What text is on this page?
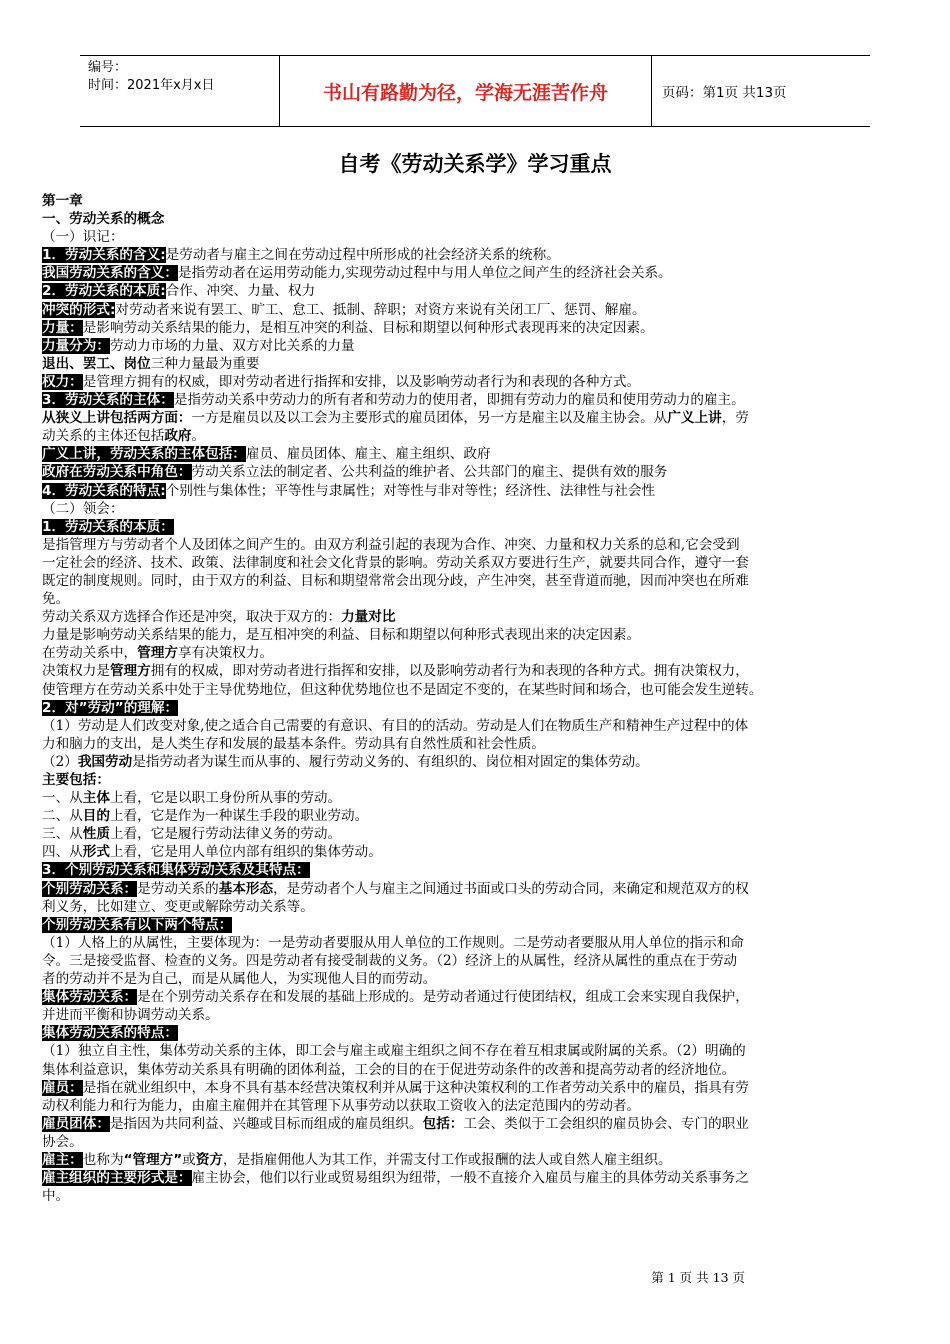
编号：
时间：2021年x月x日	书山有路勤为径，学海无涯苦作舟	页码：第1页 共13页
自考《劳动关系学》学习重点

第一章

一、劳动关系的概念

（一）识记：

1．劳动关系的含义:是劳动者与雇主之间在劳动过程中所形成的社会经济关系的统称。

我国劳动关系的含义：是指劳动者在运用劳动能力,实现劳动过程中与用人单位之间产生的经济社会关系。

2．劳动关系的本质:合作、冲突、力量、权力

冲突的形式:对劳动者来说有罢工、旷工、怠工、抵制、辞职；对资方来说有关闭工厂、惩罚、解雇。

力量：是影响劳动关系结果的能力，是相互冲突的利益、目标和期望以何种形式表现再来的决定因素。

力量分为：劳动力市场的力量、双方对比关系的力量

退出、罢工、岗位三种力量最为重要

权力：是管理方拥有的权威，即对劳动者进行指挥和安排，以及影响劳动者行为和表现的各种方式。

3．劳动关系的主体：是指劳动关系中劳动力的所有者和劳动力的使用者，即拥有劳动力的雇员和使用劳动力的雇主。

从狭义上讲包括两方面：一方是雇员以及以工会为主要形式的雇员团体，另一方是雇主以及雇主协会。从广义上讲，劳

动关系的主体还包括政府。

广义上讲，劳动关系的主体包括：雇员、雇员团体、雇主、雇主组织、政府

政府在劳动关系中角色：劳动关系立法的制定者、公共利益的维护者、公共部门的雇主、提供有效的服务

4．劳动关系的特点:个别性与集体性；平等性与隶属性；对等性与非对等性；经济性、法律性与社会性

（二）领会：

1．劳动关系的本质：

是指管理方与劳动者个人及团体之间产生的。由双方利益引起的表现为合作、冲突、力量和权力关系的总和,它会受到

一定社会的经济、技术、政策、法律制度和社会文化背景的影响。劳动关系双方要进行生产，就要共同合作，遵守一套

既定的制度规则。同时，由于双方的利益、目标和期望常常会出现分歧，产生冲突，甚至背道而驰，因而冲突也在所难

免。

劳动关系双方选择合作还是冲突，取决于双方的：力量对比

力量是影响劳动关系结果的能力，是互相冲突的利益、目标和期望以何种形式表现出来的决定因素。

在劳动关系中，管理方享有决策权力。

决策权力是管理方拥有的权威，即对劳动者进行指挥和安排，以及影响劳动者行为和表现的各种方式。拥有决策权力，

使管理方在劳动关系中处于主导优势地位，但这种优势地位也不是固定不变的，在某些时间和场合，也可能会发生逆转。

2．对”劳动”的理解：

（1）劳动是人们改变对象,使之适合自己需要的有意识、有目的的活动。劳动是人们在物质生产和精神生产过程中的体

力和脑力的支出，是人类生存和发展的最基本条件。劳动具有自然性质和社会性质。

（2）我国劳动是指劳动者为谋生而从事的、履行劳动义务的、有组织的、岗位相对固定的集体劳动。

主要包括：

一、从主体上看，它是以职工身份所从事的劳动。

二、从目的上看，它是作为一种谋生手段的职业劳动。

三、从性质上看，它是履行劳动法律义务的劳动。

四、从形式上看，它是用人单位内部有组织的集体劳动。

3．个别劳动关系和集体劳动关系及其特点：

个别劳动关系：是劳动关系的基本形态，是劳动者个人与雇主之间通过书面或口头的劳动合同，来确定和规范双方的权

利义务，比如建立、变更或解除劳动关系等。

个别劳动关系有以下两个特点：

（1）人格上的从属性，主要体现为：一是劳动者要服从用人单位的工作规则。二是劳动者要服从用人单位的指示和命

令。三是接受监督、检查的义务。四是劳动者有接受制裁的义务。（2）经济上的从属性，经济从属性的重点在于劳动

者的劳动并不是为自己，而是从属他人，为实现他人目的而劳动。

集体劳动关系：是在个别劳动关系存在和发展的基础上形成的。是劳动者通过行使团结权，组成工会来实现自我保护，

并进而平衡和协调劳动关系。

集体劳动关系的特点：

（1）独立自主性，集体劳动关系的主体，即工会与雇主或雇主组织之间不存在着互相隶属或附属的关系。（2）明确的

集体利益意识，集体劳动关系具有明确的团体利益，工会的目的在于促进劳动条件的改善和提高劳动者的经济地位。

雇员：是指在就业组织中，本身不具有基本经营决策权利并从属于这种决策权利的工作者劳动关系中的雇员，指具有劳

动权利能力和行为能力，由雇主雇佣并在其管理下从事劳动以获取工资收入的法定范围内的劳动者。

雇员团体：是指因为共同利益、兴趣或目标而组成的雇员组织。包括：工会、类似于工会组织的雇员协会、专门的职业

协会。

雇主：也称为“管理方”或资方，是指雇佣他人为其工作，并需支付工作或报酬的法人或自然人雇主组织。

雇主组织的主要形式是：雇主协会，他们以行业或贸易组织为纽带，一般不直接介入雇员与雇主的具体劳动关系事务之

中。

第 1 页 共 13 页
